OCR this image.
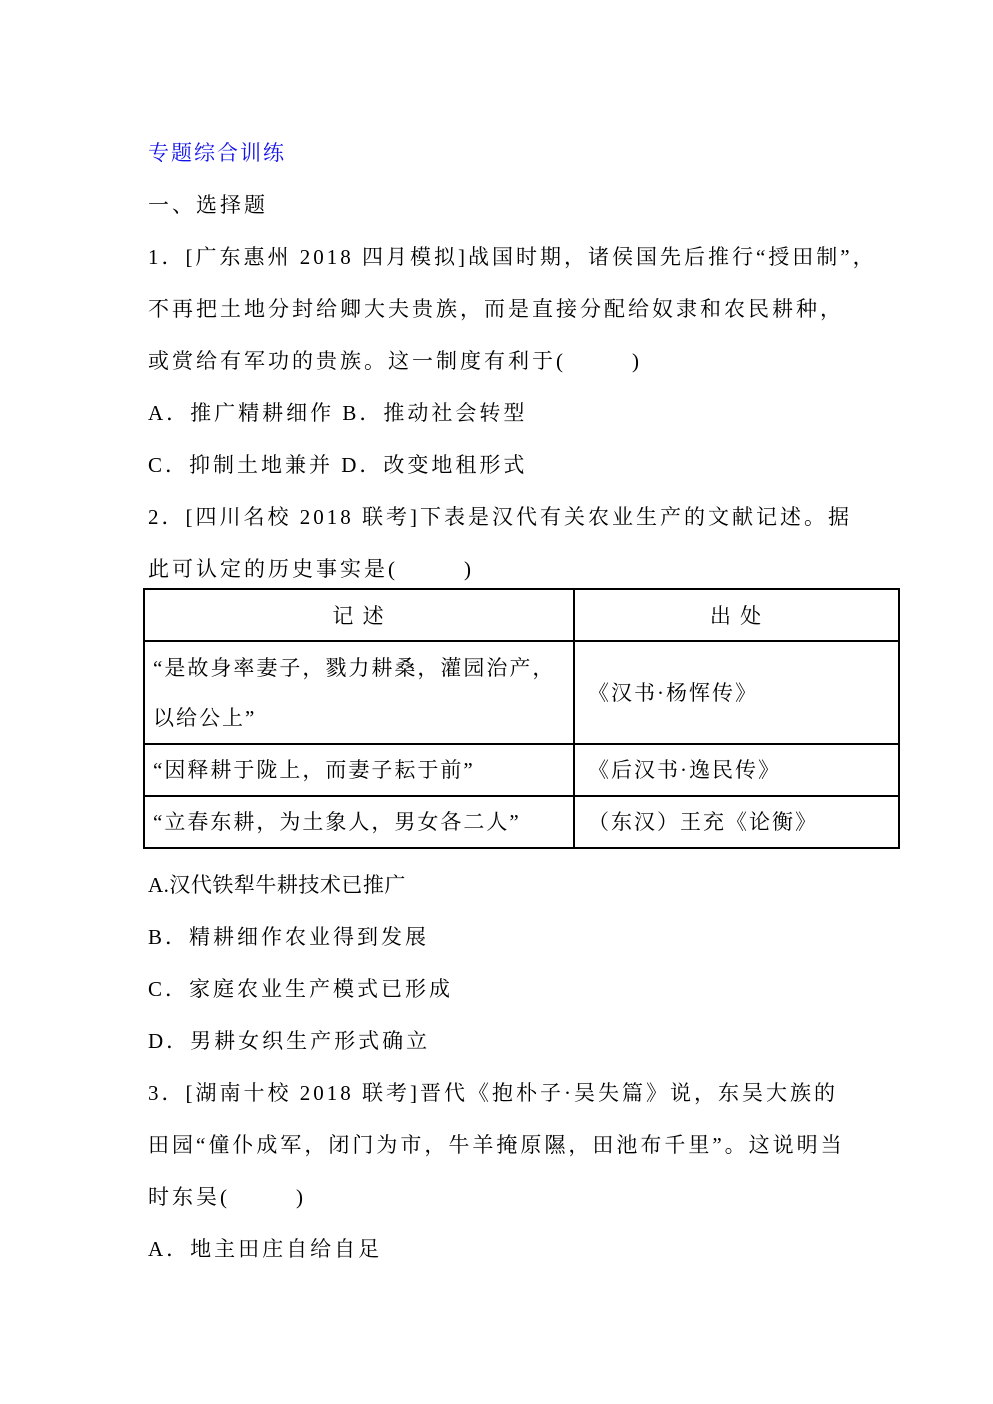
专题综合训练
一、选择题
1．[广东惠州 2018 四月模拟]战国时期，诸侯国先后推行“授田制”，
不再把土地分封给卿大夫贵族，而是直接分配给奴隶和农民耕种，
或赏给有军功的贵族。这一制度有利于(        )
A．推广精耕细作 B．推动社会转型
C．抑制土地兼并 D．改变地租形式
2．[四川名校 2018 联考]下表是汉代有关农业生产的文献记述。据
此可认定的历史事实是(        )
记 述	出 处
“是故身率妻子，戮力耕桑，灌园治产，以给公上”	《汉书·杨恽传》
“因释耕于陇上，而妻子耘于前”	《后汉书·逸民传》
“立春东耕，为土象人，男女各二人”	（东汉）王充《论衡》
A.汉代铁犁牛耕技术已推广
B．精耕细作农业得到发展
C．家庭农业生产模式已形成
D．男耕女织生产形式确立
3．[湖南十校 2018 联考]晋代《抱朴子·吴失篇》说，东吴大族的
田园“僮仆成军，闭门为市，牛羊掩原隰，田池布千里”。这说明当
时东吴(        )
A．地主田庄自给自足
